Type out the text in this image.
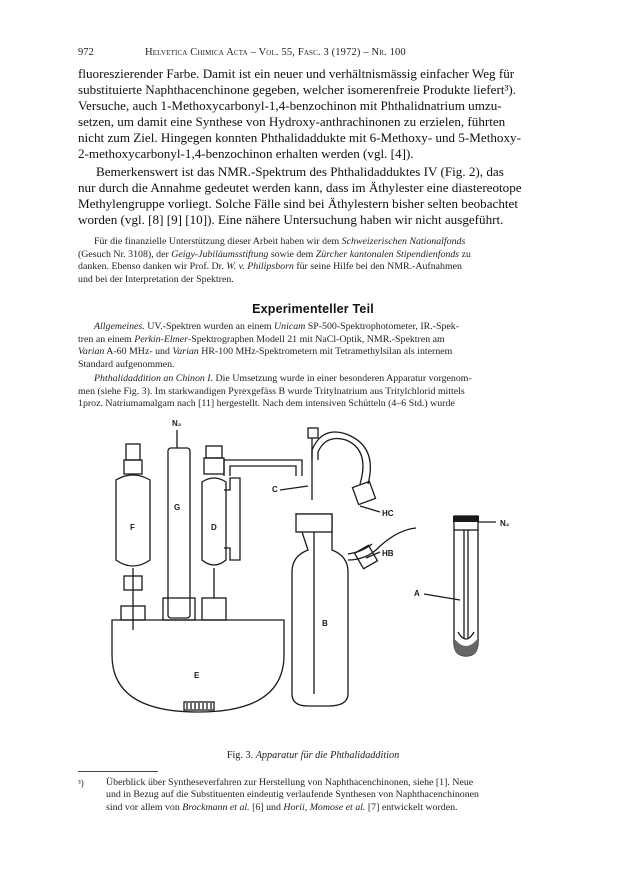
972	Helvetica Chimica Acta – Vol. 55, Fasc. 3 (1972) – Nr. 100

fluoreszierender Farbe. Damit ist ein neuer und verhältnismässig einfacher Weg für

substituierte Naphthacenchinone gegeben, welcher isomerenfreie Produkte liefert³).

Versuche, auch 1-Methoxycarbonyl-1,4-benzochinon mit Phthalidnatrium umzu-

setzen, um damit eine Synthese von Hydroxy-anthrachinonen zu erzielen, führten

nicht zum Ziel. Hingegen konnten Phthalidaddukte mit 6-Methoxy- und 5-Methoxy-

2-methoxycarbonyl-1,4-benzochinon erhalten werden (vgl. [4]).

Bemerkenswert ist das NMR.-Spektrum des Phthalidadduktes IV (Fig. 2), das

nur durch die Annahme gedeutet werden kann, dass im Äthylester eine diastereotope

Methylengruppe vorliegt. Solche Fälle sind bei Äthylestern bisher selten beobachtet

worden (vgl. [8] [9] [10]). Eine nähere Untersuchung haben wir nicht ausgeführt.

Für die finanzielle Unterstützung dieser Arbeit haben wir dem Schweizerischen Nationalfonds

(Gesuch Nr. 3108), der Geigy-Jubiläumsstiftung sowie dem Zürcher kantonalen Stipendienfonds zu

danken. Ebenso danken wir Prof. Dr. W. v. Philipsborn für seine Hilfe bei den NMR.-Aufnahmen

und bei der Interpretation der Spektren.

Experimenteller Teil

Allgemeines. UV.-Spektren wurden an einem Unicam SP-500-Spektrophotometer, IR.-Spek-

tren an einem Perkin-Elmer-Spektrographen Modell 21 mit NaCl-Optik, NMR.-Spektren am

Varian A-60 MHz- und Varian HR-100 MHz-Spektrometern mit Tetramethylsilan als internem

Standard aufgenommen.

Phthalidaddition an Chinon I. Die Umsetzung wurde in einer besonderen Apparatur vorgenom-

men (siehe Fig. 3). Im starkwandigen Pyrexgefäss B wurde Tritylnatrium aus Tritylchlorid mittels

1proz. Natriumamalgam nach [11] hergestellt. Nach dem intensiven Schütteln (4–6 Std.) wurde

N₂
G
F	D
E
C
HC
HB
B
A
N₂
Fig. 3. Apparatur für die Phthalidaddition
³) Überblick über Syntheseverfahren zur Herstellung von Naphthacenchinonen, siehe [1]. Neue
und in Bezug auf die Substituenten eindeutig verlaufende Synthesen von Naphthacenchinonen
sind vor allem von Brockmann et al. [6] und Horii, Momose et al. [7] entwickelt worden.
